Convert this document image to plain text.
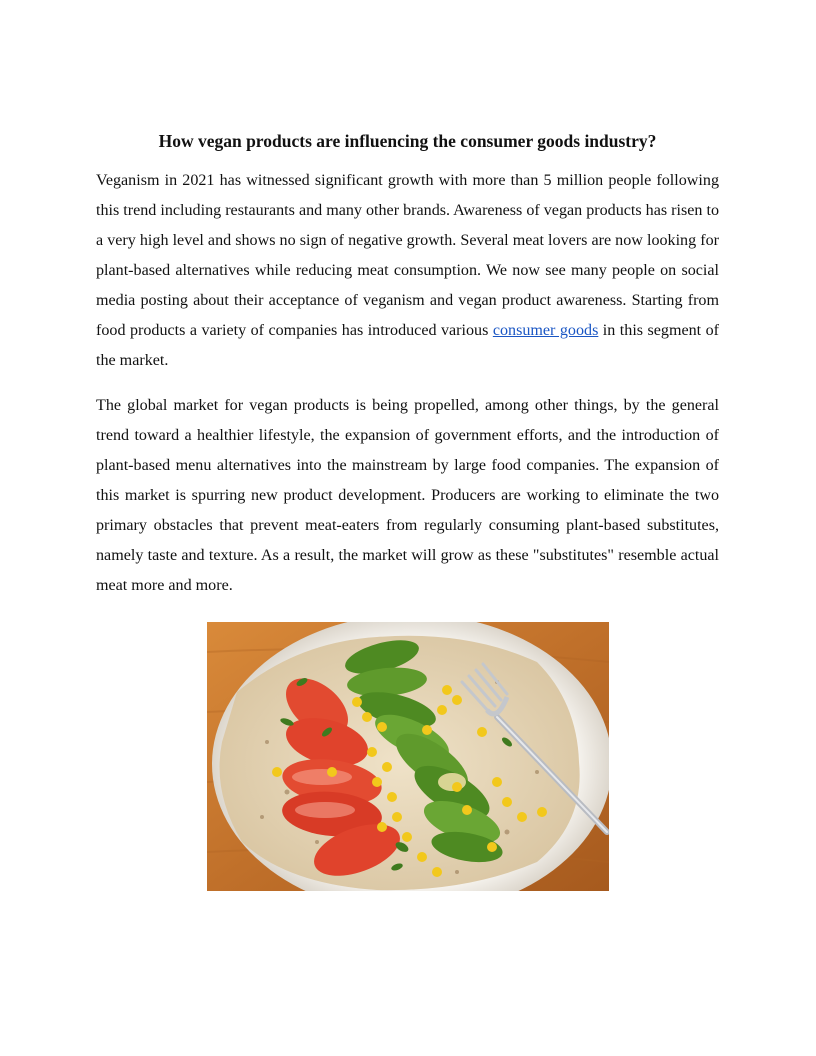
How vegan products are influencing the consumer goods industry?

Veganism in 2021 has witnessed significant growth with more than 5 million people following this trend including restaurants and many other brands. Awareness of vegan products has risen to a very high level and shows no sign of negative growth. Several meat lovers are now looking for plant-based alternatives while reducing meat consumption. We now see many people on social media posting about their acceptance of veganism and vegan product awareness. Starting from food products a variety of companies has introduced various consumer goods in this segment of the market.

The global market for vegan products is being propelled, among other things, by the general trend toward a healthier lifestyle, the expansion of government efforts, and the introduction of plant-based menu alternatives into the mainstream by large food companies. The expansion of this market is spurring new product development. Producers are working to eliminate the two primary obstacles that prevent meat-eaters from regularly consuming plant-based substitutes, namely taste and texture. As a result, the market will grow as these "substitutes" resemble actual meat more and more.
